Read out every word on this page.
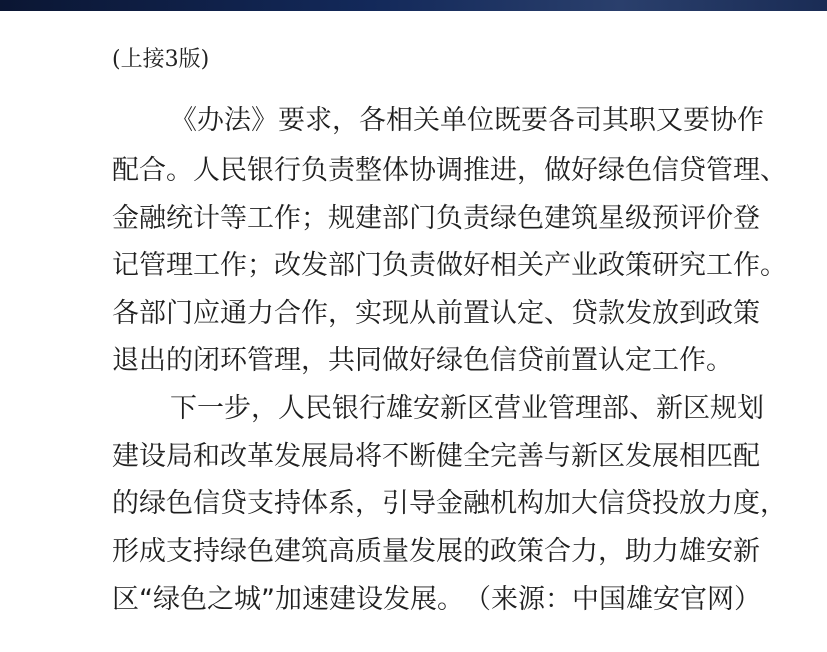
(上接3版)
《办法》要求，各相关单位既要各司其职又要协作
配合。人民银行负责整体协调推进，做好绿色信贷管理、
金融统计等工作；规建部门负责绿色建筑星级预评价登
记管理工作；改发部门负责做好相关产业政策研究工作。
各部门应通力合作，实现从前置认定、贷款发放到政策
退出的闭环管理，共同做好绿色信贷前置认定工作。
下一步，人民银行雄安新区营业管理部、新区规划
建设局和改革发展局将不断健全完善与新区发展相匹配
的绿色信贷支持体系，引导金融机构加大信贷投放力度，
形成支持绿色建筑高质量发展的政策合力，助力雄安新
区“绿色之城”加速建设发展。　（来源：中国雄安官网）
